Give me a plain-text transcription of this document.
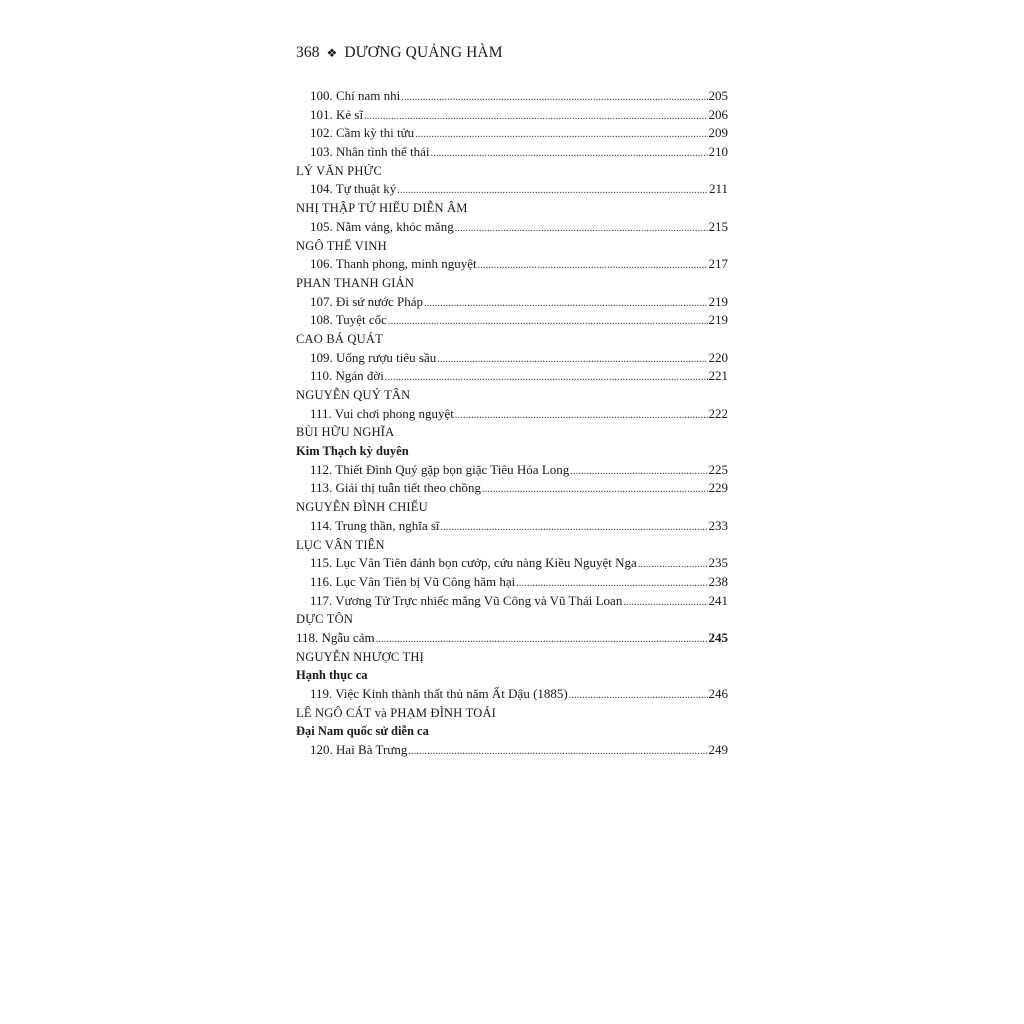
368 ❖ DƯƠNG QUẢNG HÀM
100. Chí nam nhi .....	205
101. Kẻ sĩ .....	206
102. Cầm kỳ thi tửu .....	209
103. Nhân tình thế thái .....	210
LÝ VĂN PHỨC
104. Tự thuật ký .....	211
NHỊ THẬP TỨ HIẾU DIỄN ÂM
105. Nằm váng, khóc măng .....	215
NGÔ THẾ VINH
106. Thanh phong, minh nguyệt .....	217
PHAN THANH GIẢN
107. Đi sứ nước Pháp .....	219
108. Tuyệt cốc .....	219
CAO BÁ QUÁT
109. Uống rượu tiêu sầu .....	220
110. Ngán đời .....	221
NGUYỄN QUÝ TÂN
111. Vui chơi phong nguyệt .....	222
BÙI HỮU NGHĨA
Kim Thạch kỳ duyên
112. Thiết Đình Quý gặp bọn giặc Tiêu Hóa Long .....	225
113. Giải thị tuẫn tiết theo chồng .....	229
NGUYỄN ĐÌNH CHIỂU
114. Trung thần, nghĩa sĩ .....	233
LỤC VÂN TIÊN
115. Lục Vân Tiên đánh bọn cướp, cứu nàng Kiều Nguyệt Nga .....	235
116. Lục Vân Tiên bị Vũ Công hãm hại .....	238
117. Vương Tử Trực nhiếc mắng Vũ Công và Vũ Thái Loan .....	241
DỰC TÔN
118. Ngẫu cảm .....	245
NGUYỄN NHƯỢC THỊ
Hạnh thục ca
119. Việc Kinh thành thất thủ năm Ất Dậu (1885) .....	246
LÊ NGÔ CÁT và PHẠM ĐÌNH TOÁI
Đại Nam quốc sử diễn ca
120. Hai Bà Trưng .....	249
